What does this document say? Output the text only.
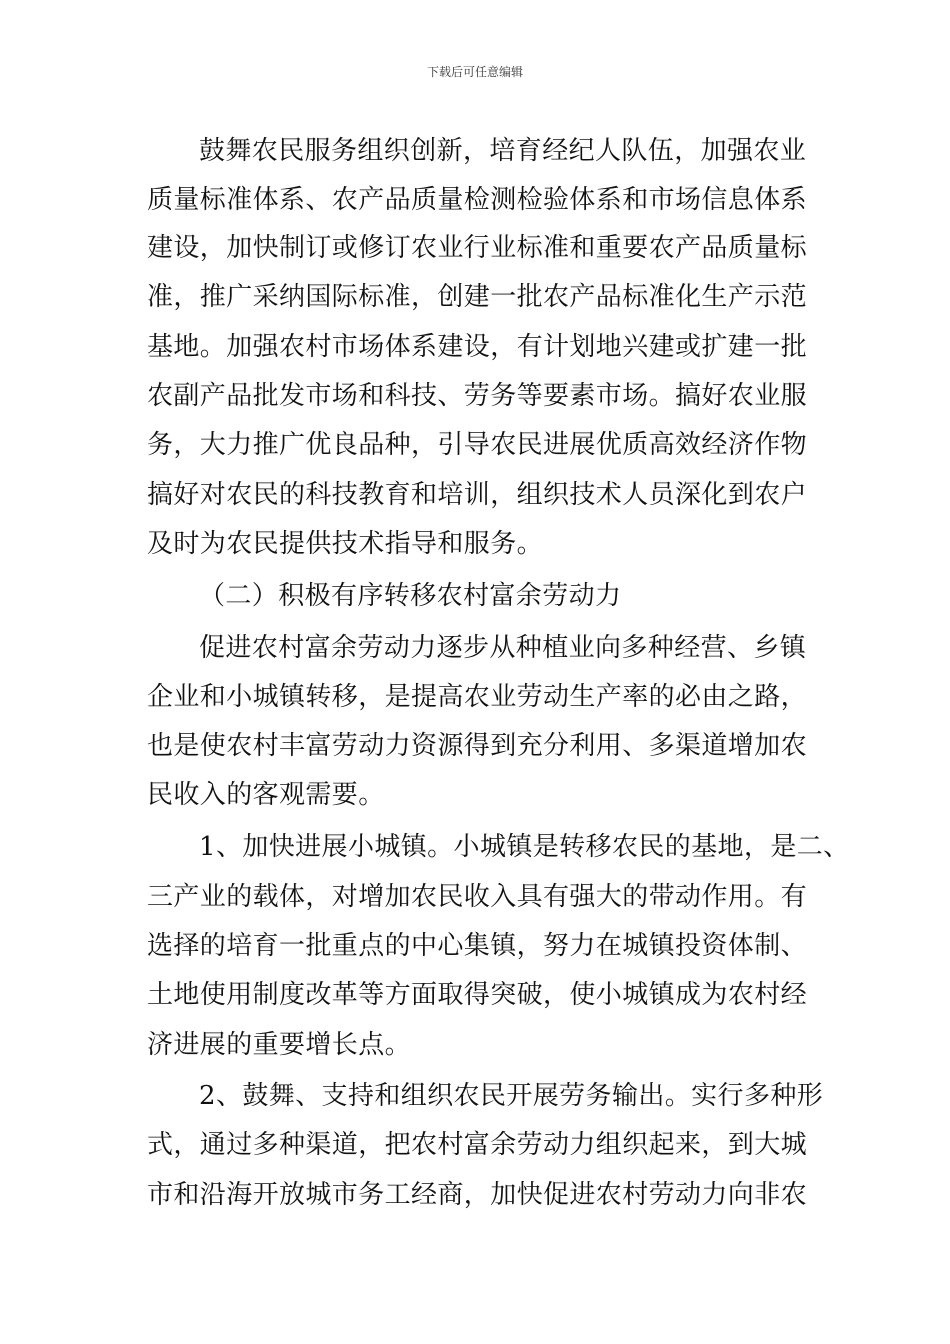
下载后可任意编辑
鼓舞农民服务组织创新，培育经纪人队伍，加强农业
质量标准体系、农产品质量检测检验体系和市场信息体系
建设，加快制订或修订农业行业标准和重要农产品质量标
准，推广采纳国际标准，创建一批农产品标准化生产示范
基地。加强农村市场体系建设，有计划地兴建或扩建一批
农副产品批发市场和科技、劳务等要素市场。搞好农业服
务，大力推广优良品种，引导农民进展优质高效经济作物
搞好对农民的科技教育和培训，组织技术人员深化到农户
及时为农民提供技术指导和服务。
（二）积极有序转移农村富余劳动力
促进农村富余劳动力逐步从种植业向多种经营、乡镇
企业和小城镇转移，是提高农业劳动生产率的必由之路，
也是使农村丰富劳动力资源得到充分利用、多渠道增加农
民收入的客观需要。
1、加快进展小城镇。小城镇是转移农民的基地，是二、
三产业的载体，对增加农民收入具有强大的带动作用。有
选择的培育一批重点的中心集镇，努力在城镇投资体制、
土地使用制度改革等方面取得突破，使小城镇成为农村经
济进展的重要增长点。
2、鼓舞、支持和组织农民开展劳务输出。实行多种形
式，通过多种渠道，把农村富余劳动力组织起来，到大城
市和沿海开放城市务工经商，加快促进农村劳动力向非农
